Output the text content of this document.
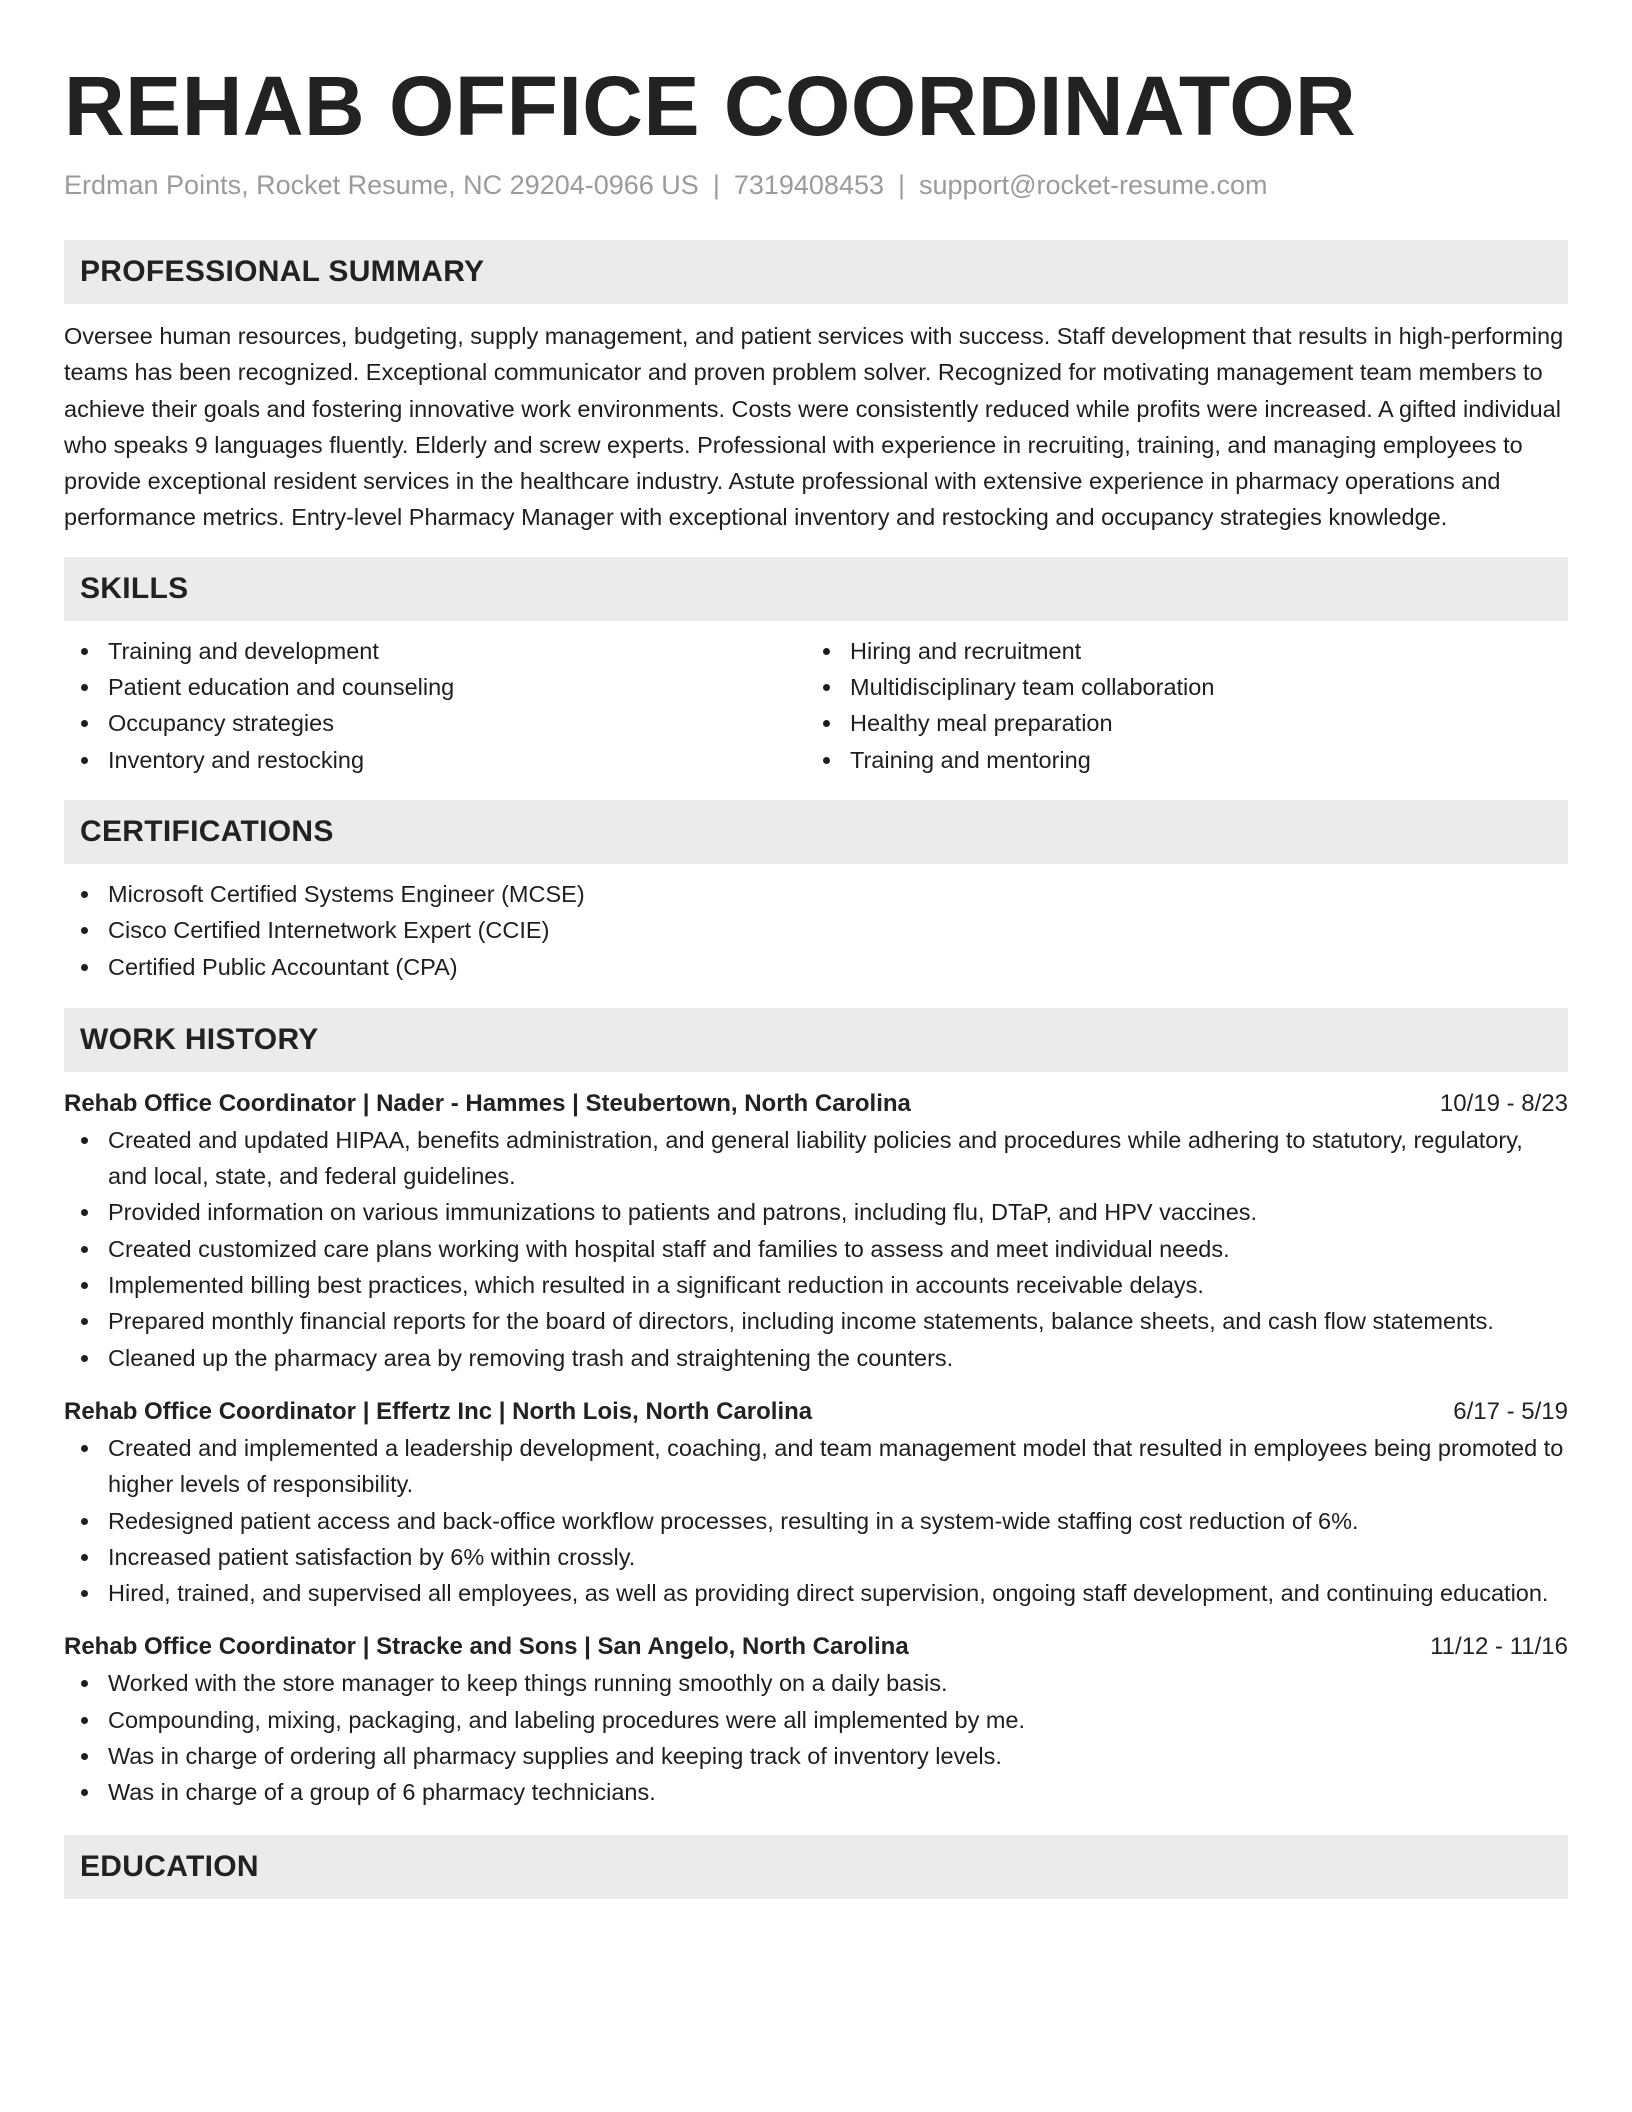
REHAB OFFICE COORDINATOR
Erdman Points, Rocket Resume, NC 29204-0966 US | 7319408453 | support@rocket-resume.com
PROFESSIONAL SUMMARY

Oversee human resources, budgeting, supply management, and patient services with success. Staff development that results in high-performing teams has been recognized. Exceptional communicator and proven problem solver. Recognized for motivating management team members to achieve their goals and fostering innovative work environments. Costs were consistently reduced while profits were increased. A gifted individual who speaks 9 languages fluently. Elderly and screw experts. Professional with experience in recruiting, training, and managing employees to provide exceptional resident services in the healthcare industry. Astute professional with extensive experience in pharmacy operations and performance metrics. Entry-level Pharmacy Manager with exceptional inventory and restocking and occupancy strategies knowledge.

SKILLS
Training and development
Patient education and counseling
Occupancy strategies
Inventory and restocking
Hiring and recruitment
Multidisciplinary team collaboration
Healthy meal preparation
Training and mentoring
CERTIFICATIONS
Microsoft Certified Systems Engineer (MCSE)
Cisco Certified Internetwork Expert (CCIE)
Certified Public Accountant (CPA)
WORK HISTORY
Rehab Office Coordinator | Nader - Hammes | Steubertown, North Carolina	10/19 - 8/23
Created and updated HIPAA, benefits administration, and general liability policies and procedures while adhering to statutory, regulatory, and local, state, and federal guidelines.
Provided information on various immunizations to patients and patrons, including flu, DTaP, and HPV vaccines.
Created customized care plans working with hospital staff and families to assess and meet individual needs.
Implemented billing best practices, which resulted in a significant reduction in accounts receivable delays.
Prepared monthly financial reports for the board of directors, including income statements, balance sheets, and cash flow statements.
Cleaned up the pharmacy area by removing trash and straightening the counters.
Rehab Office Coordinator | Effertz Inc | North Lois, North Carolina	6/17 - 5/19
Created and implemented a leadership development, coaching, and team management model that resulted in employees being promoted to higher levels of responsibility.
Redesigned patient access and back-office workflow processes, resulting in a system-wide staffing cost reduction of 6%.
Increased patient satisfaction by 6% within crossly.
Hired, trained, and supervised all employees, as well as providing direct supervision, ongoing staff development, and continuing education.
Rehab Office Coordinator | Stracke and Sons | San Angelo, North Carolina	11/12 - 11/16
Worked with the store manager to keep things running smoothly on a daily basis.
Compounding, mixing, packaging, and labeling procedures were all implemented by me.
Was in charge of ordering all pharmacy supplies and keeping track of inventory levels.
Was in charge of a group of 6 pharmacy technicians.
EDUCATION
